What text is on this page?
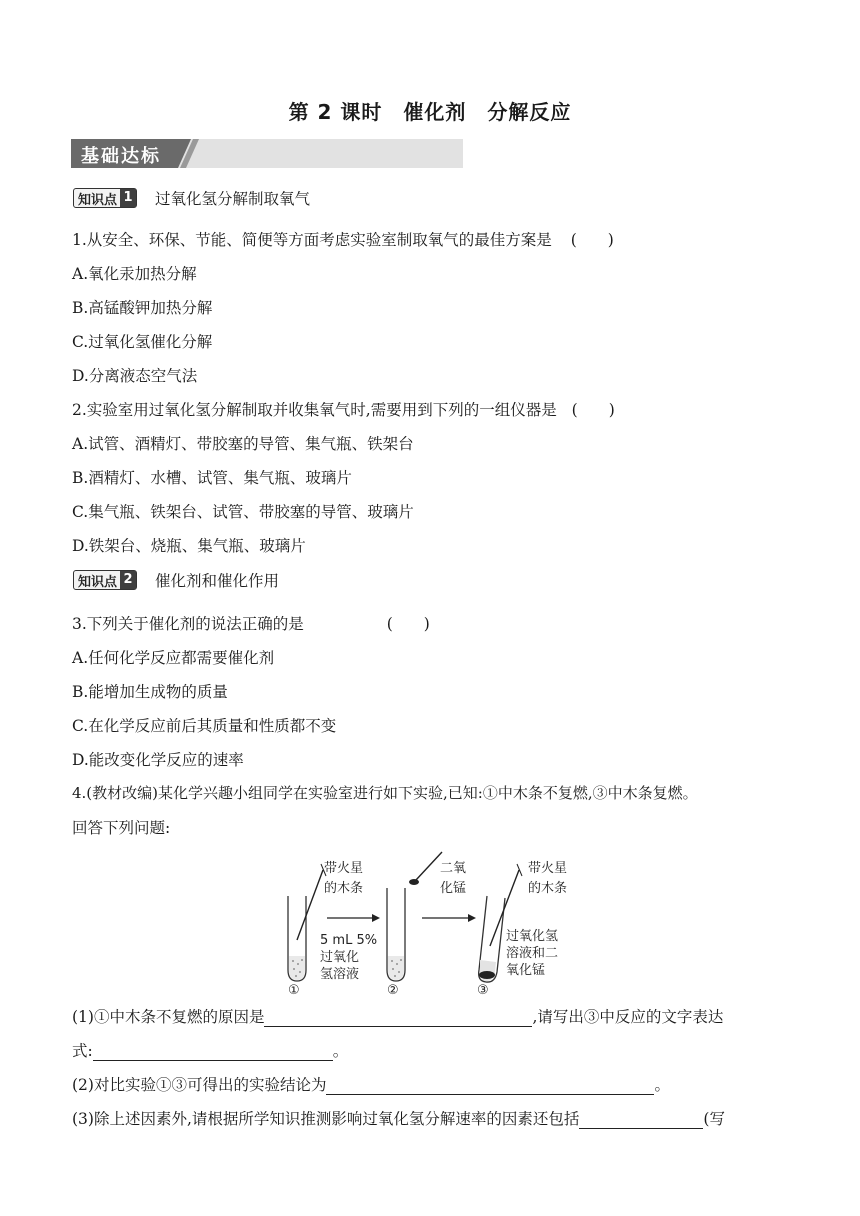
第 2 课时　催化剂　分解反应
基础达标
知识点 1 过氧化氢分解制取氧气
1.从安全、环保、节能、简便等方面考虑实验室制取氧气的最佳方案是 (　　)
A.氧化汞加热分解
B.高锰酸钾加热分解
C.过氧化氢催化分解
D.分离液态空气法
2.实验室用过氧化氢分解制取并收集氧气时,需要用到下列的一组仪器是 (　　)
A.试管、酒精灯、带胶塞的导管、集气瓶、铁架台
B.酒精灯、水槽、试管、集气瓶、玻璃片
C.集气瓶、铁架台、试管、带胶塞的导管、玻璃片
D.铁架台、烧瓶、集气瓶、玻璃片
知识点 2 催化剂和催化作用
3.下列关于催化剂的说法正确的是	(　　)
A.任何化学反应都需要催化剂
B.能增加生成物的质量
C.在化学反应前后其质量和性质都不变
D.能改变化学反应的速率
4.(教材改编)某化学兴趣小组同学在实验室进行如下实验,已知:①中木条不复燃,③中木条复燃。
回答下列问题:
带火星
的木条
5 mL 5%
过氧化
氢溶液
①
二氧
化锰
②
带火星
的木条
过氧化氢
溶液和二
氧化锰
③
(1)①中木条不复燃的原因是	,请写出③中反应的文字表达
式:	。
(2)对比实验①③可得出的实验结论为	。
(3)除上述因素外,请根据所学知识推测影响过氧化氢分解速率的因素还包括	(写
